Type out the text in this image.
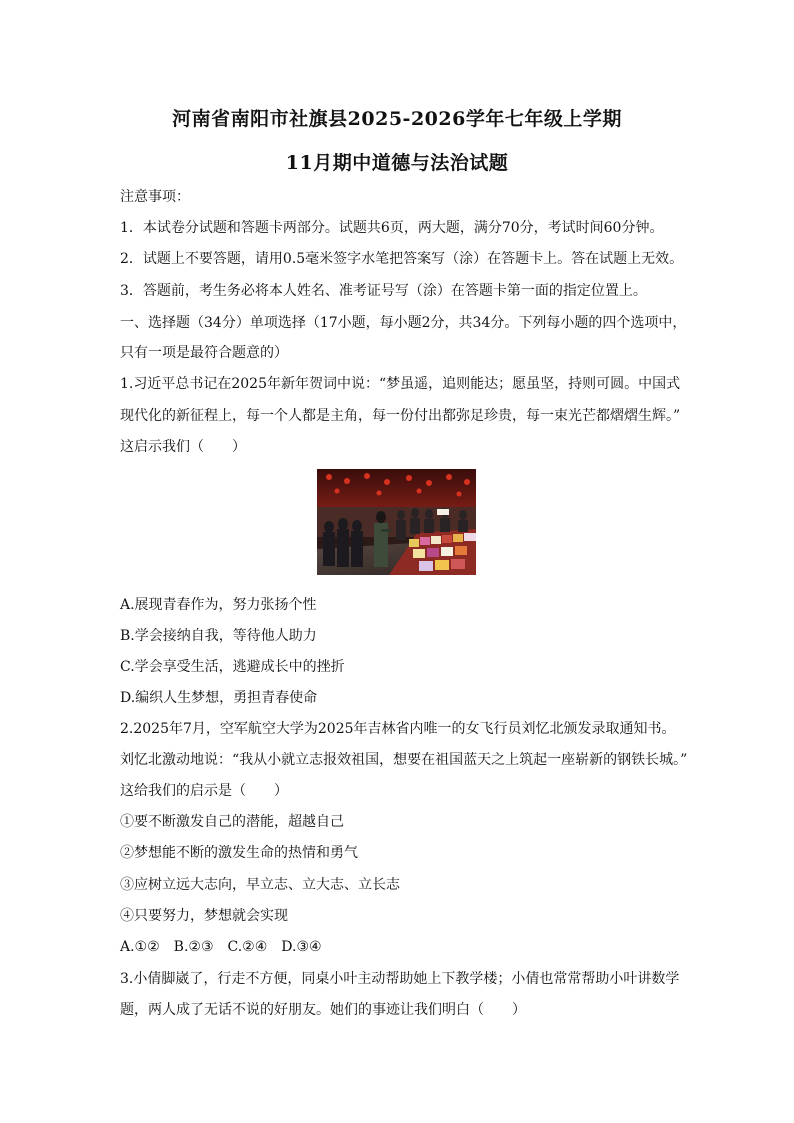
河南省南阳市社旗县2025-2026学年七年级上学期
11月期中道德与法治试题
注意事项：
1．本试卷分试题和答题卡两部分。试题共6页，两大题，满分70分，考试时间60分钟。
2．试题上不要答题，请用0.5毫米签字水笔把答案写（涂）在答题卡上。答在试题上无效。
3．答题前，考生务必将本人姓名、准考证号写（涂）在答题卡第一面的指定位置上。
一、选择题（34分）单项选择（17小题，每小题2分，共34分。下列每小题的四个选项中，
只有一项是最符合题意的）
1.习近平总书记在2025年新年贺词中说：“梦虽遥，追则能达；愿虽坚，持则可圆。中国式
现代化的新征程上，每一个人都是主角，每一份付出都弥足珍贵，每一束光芒都熠熠生辉。”
这启示我们（　　）
A.展现青春作为，努力张扬个性
B.学会接纳自我，等待他人助力
C.学会享受生活，逃避成长中的挫折
D.编织人生梦想，勇担青春使命
2.2025年7月，空军航空大学为2025年吉林省内唯一的女飞行员刘忆北颁发录取通知书。
刘忆北激动地说：“我从小就立志报效祖国，想要在祖国蓝天之上筑起一座崭新的钢铁长城。”
这给我们的启示是（　　）
①要不断激发自己的潜能，超越自己
②梦想能不断的激发生命的热情和勇气
③应树立远大志向，早立志、立大志、立长志
④只要努力，梦想就会实现
A.①②　B.②③　C.②④　D.③④
3.小倩脚崴了，行走不方便，同桌小叶主动帮助她上下教学楼；小倩也常常帮助小叶讲数学
题，两人成了无话不说的好朋友。她们的事迹让我们明白（　　）
